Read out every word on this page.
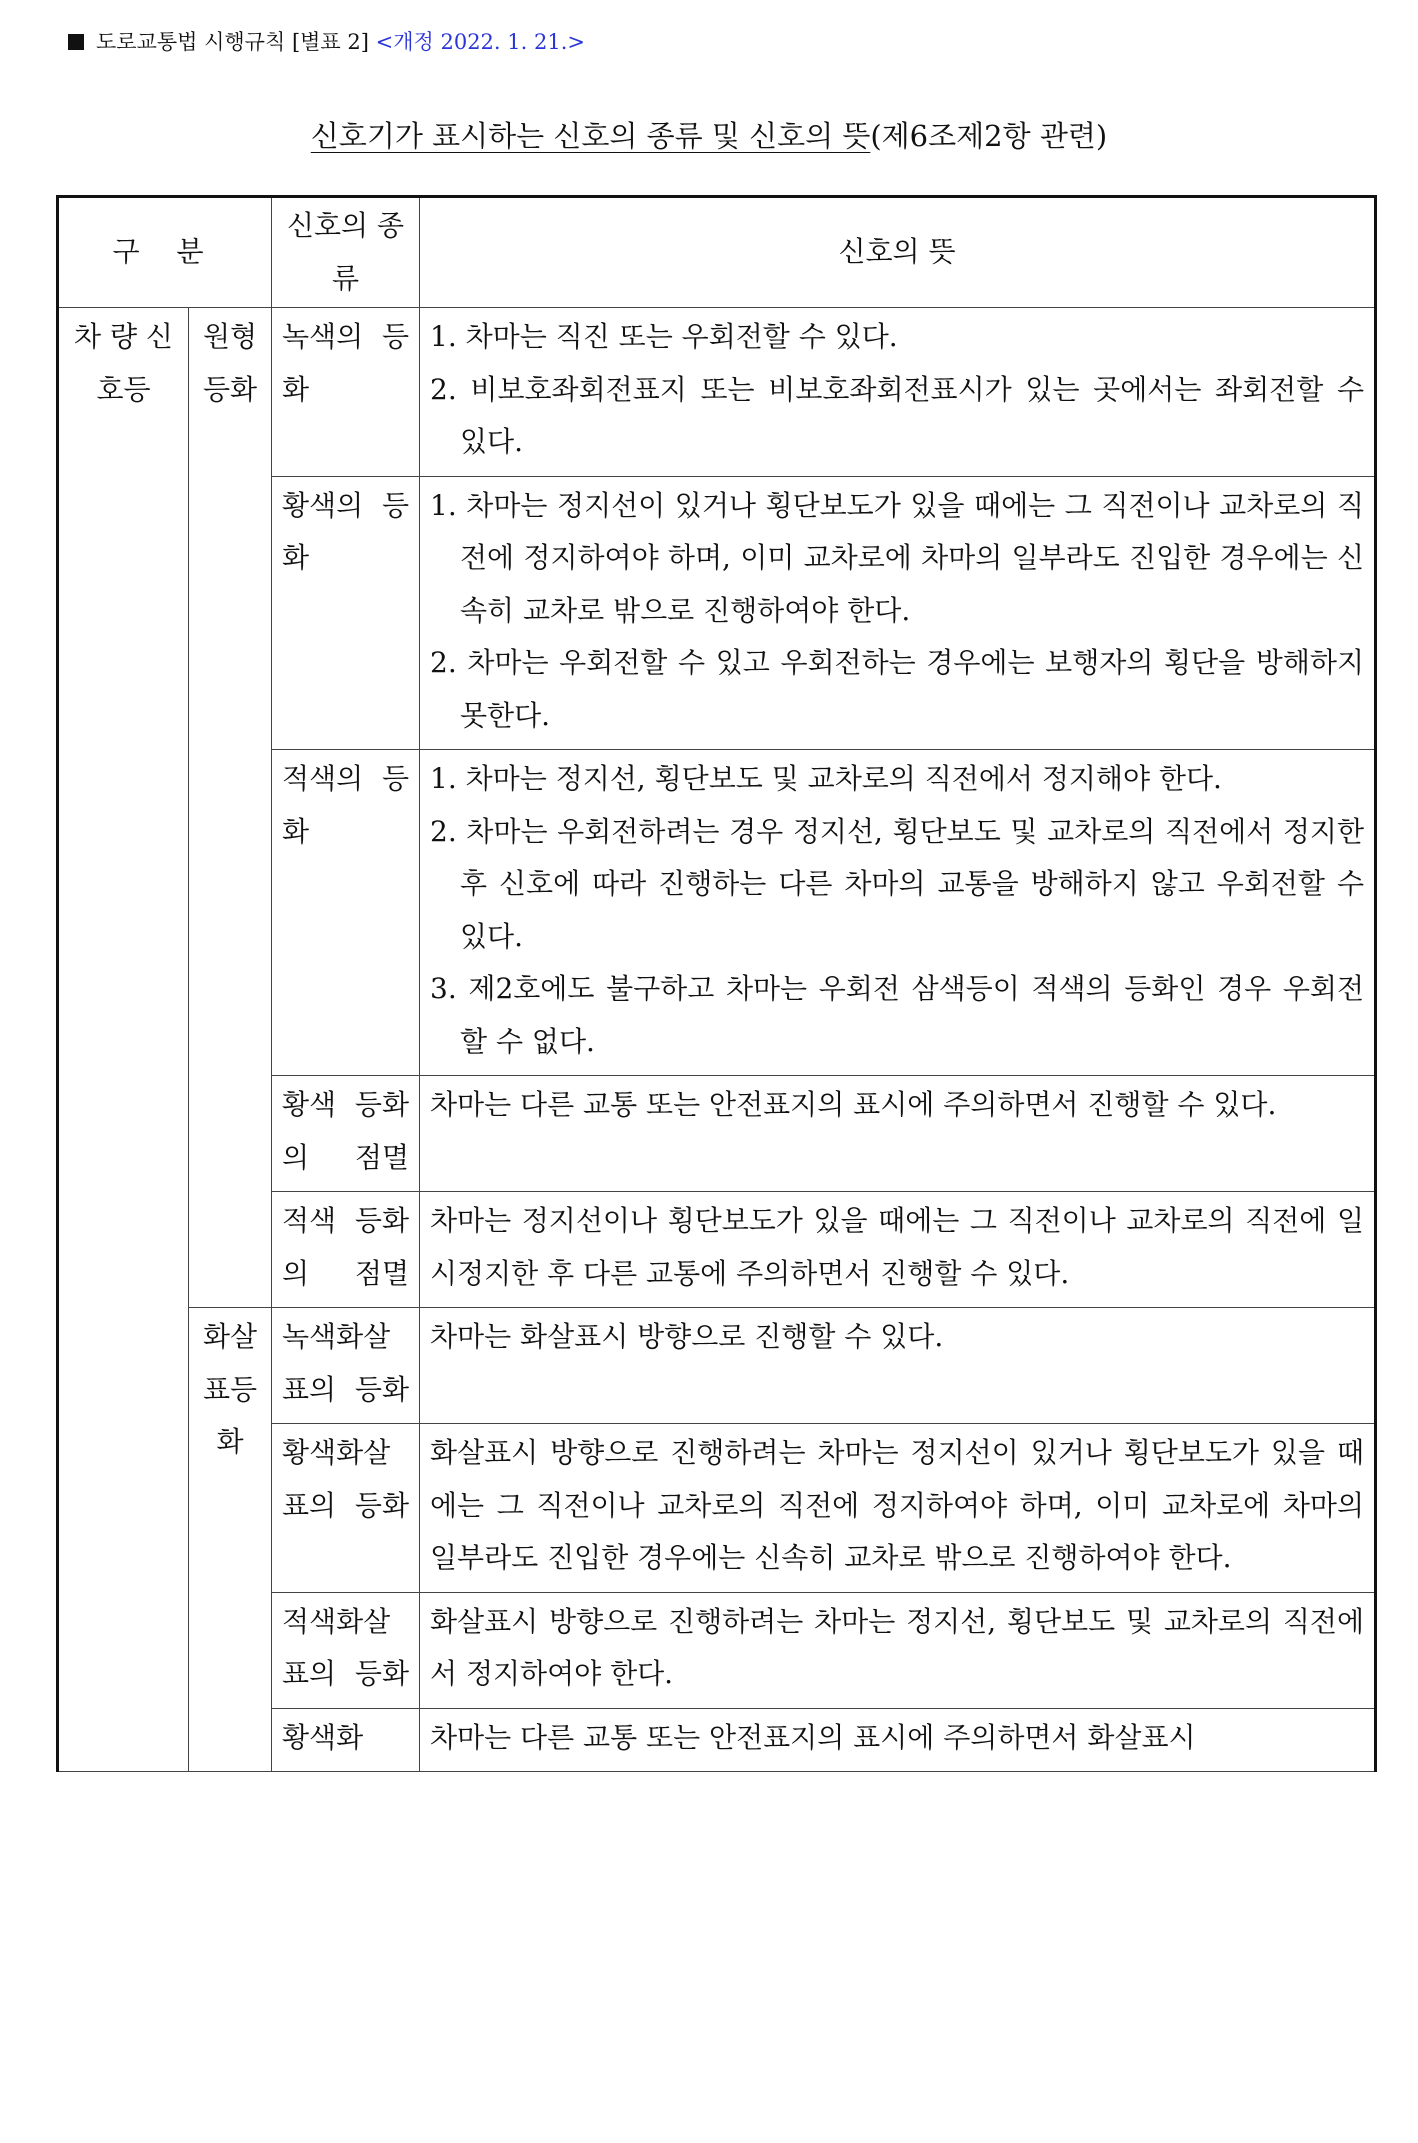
도로교통법 시행규칙 [별표 2] <개정 2022. 1. 21.>
신호기가 표시하는 신호의 종류 및 신호의 뜻(제6조제2항 관련)
구 분		신호의 종류	신호의 뜻
차 량 신호등	원형등화	녹색의 등화	1. 차마는 직진 또는 우회전할 수 있다.
2. 비보호좌회전표지 또는 비보호좌회전표시가 있는 곳에서는 좌회전할 수 있다.

		황색의 등화	1. 차마는 정지선이 있거나 횡단보도가 있을 때에는 그 직전이나 교차로의 직전에 정지하여야 하며, 이미 교차로에 차마의 일부라도 진입한 경우에는 신속히 교차로 밖으로 진행하여야 한다.
2. 차마는 우회전할 수 있고 우회전하는 경우에는 보행자의 횡단을 방해하지 못한다.

		적색의 등화	1. 차마는 정지선, 횡단보도 및 교차로의 직전에서 정지해야 한다.
2. 차마는 우회전하려는 경우 정지선, 횡단보도 및 교차로의 직전에서 정지한 후 신호에 따라 진행하는 다른 차마의 교통을 방해하지 않고 우회전할 수 있다.
3. 제2호에도 불구하고 차마는 우회전 삼색등이 적색의 등화인 경우 우회전할 수 없다.

		황색 등화의 점멸	차마는 다른 교통 또는 안전표지의 표시에 주의하면서 진행할 수 있다.
		적색 등화의 점멸	차마는 정지선이나 횡단보도가 있을 때에는 그 직전이나 교차로의 직전에 일시정지한 후 다른 교통에 주의하면서 진행할 수 있다.
	화살표등화	녹색화살표의 등화	차마는 화살표시 방향으로 진행할 수 있다.
		황색화살표의 등화	화살표시 방향으로 진행하려는 차마는 정지선이 있거나 횡단보도가 있을 때에는 그 직전이나 교차로의 직전에 정지하여야 하며, 이미 교차로에 차마의 일부라도 진입한 경우에는 신속히 교차로 밖으로 진행하여야 한다.
		적색화살표의 등화	화살표시 방향으로 진행하려는 차마는 정지선, 횡단보도 및 교차로의 직전에서 정지하여야 한다.
		황색화	차마는 다른 교통 또는 안전표지의 표시에 주의하면서 화살표시
